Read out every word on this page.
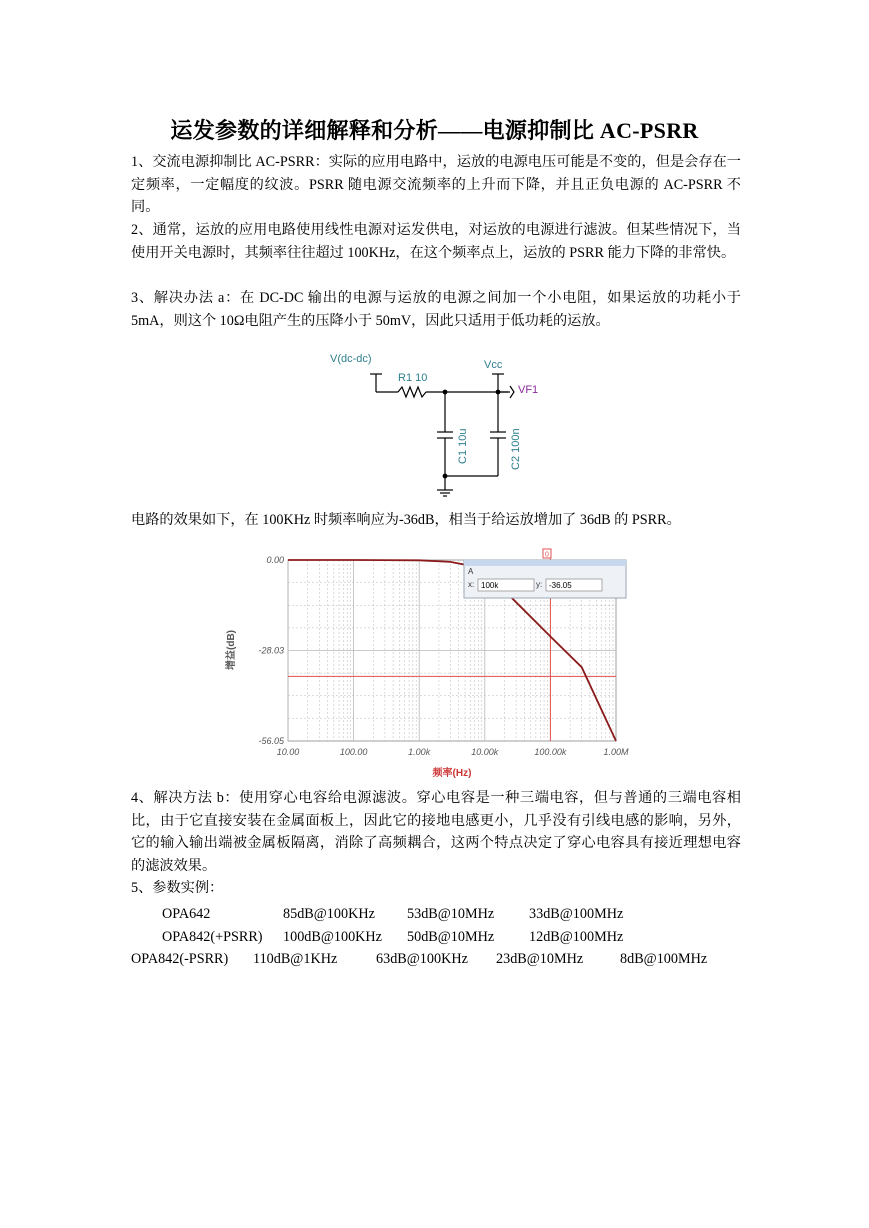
运发参数的详细解释和分析——电源抑制比 AC-PSRR
1、交流电源抑制比 AC-PSRR：实际的应用电路中，运放的电源电压可能是不变的，但是会存在一定频率，一定幅度的纹波。PSRR 随电源交流频率的上升而下降，并且正负电源的 AC-PSRR 不同。
2、通常，运放的应用电路使用线性电源对运发供电，对运放的电源进行滤波。但某些情况下，当使用开关电源时，其频率往往超过 100KHz，在这个频率点上，运放的 PSRR 能力下降的非常快。
3、解决办法 a：在 DC-DC 输出的电源与运放的电源之间加一个小电阻，如果运放的功耗小于 5mA，则这个 10Ω电阻产生的压降小于 50mV，因此只适用于低功耗的运放。
V(dc-dc)	Vcc
R1 10
VF1
C1 10u	C2 100n
电路的效果如下，在 100KHz 时频率响应为-36dB，相当于给运放增加了 36dB 的 PSRR。
0.00
-28.03
-56.05
10.00	100.00	1.00k	10.00k	100.00k	1.00M
增益(dB)
频率(Hz)
0
A
x: 100k	y: -36.05
4、解决方法 b：使用穿心电容给电源滤波。穿心电容是一种三端电容，但与普通的三端电容相比，由于它直接安装在金属面板上，因此它的接地电感更小，几乎没有引线电感的影响，另外，它的输入输出端被金属板隔离，消除了高频耦合，这两个特点决定了穿心电容具有接近理想电容的滤波效果。
5、参数实例：
OPA642	85dB@100KHz 53dB@10MHz 33dB@100MHz
OPA842(+PSRR) 100dB@100KHz 50dB@10MHz 12dB@100MHz
OPA842(-PSRR) 110dB@1KHz	63dB@100KHz 23dB@10MHz	8dB@100MHz
